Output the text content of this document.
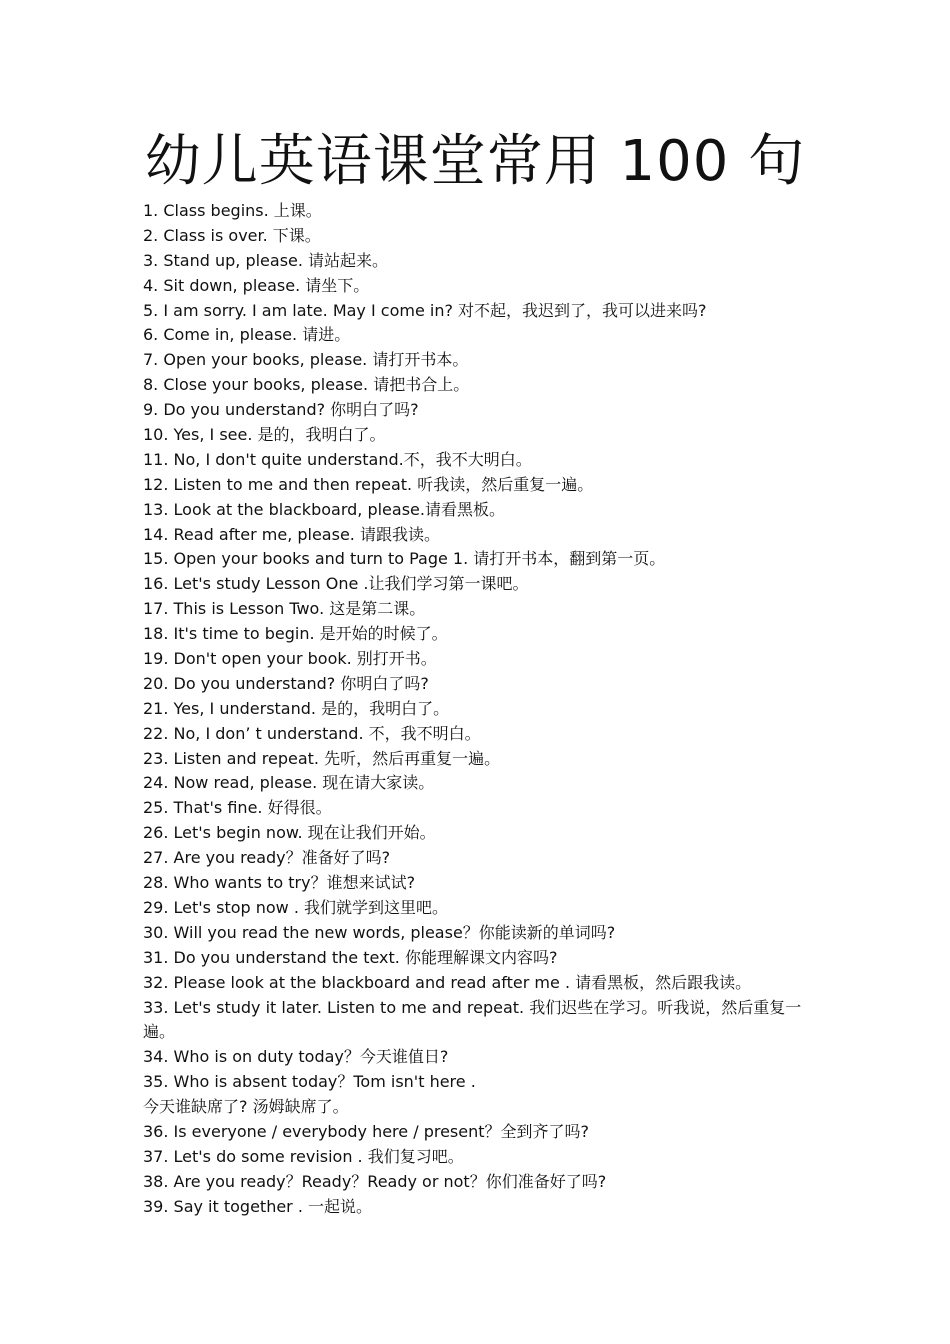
幼儿英语课堂常用 100 句
1. Class begins. 上课。
2. Class is over. 下课。
3. Stand up, please. 请站起来。
4. Sit down, please. 请坐下。
5. I am sorry. I am late. May I come in? 对不起，我迟到了，我可以进来吗?
6. Come in, please. 请进。
7. Open your books, please. 请打开书本。
8. Close your books, please. 请把书合上。
9. Do you understand? 你明白了吗?
10. Yes, I see. 是的，我明白了。
11. No, I don't quite understand.不，我不大明白。
12. Listen to me and then repeat. 听我读，然后重复一遍。
13. Look at the blackboard, please.请看黑板。
14. Read after me, please. 请跟我读。
15. Open your books and turn to Page 1. 请打开书本，翻到第一页。
16. Let's study Lesson One .让我们学习第一课吧。
17. This is Lesson Two. 这是第二课。
18. It's time to begin. 是开始的时候了。
19. Don't open your book. 别打开书。
20. Do you understand? 你明白了吗?
21. Yes, I understand. 是的，我明白了。
22. No, I don’ t understand. 不，我不明白。
23. Listen and repeat. 先听，然后再重复一遍。
24. Now read, please. 现在请大家读。
25. That's fine. 好得很。
26. Let's begin now. 现在让我们开始。
27. Are you ready？准备好了吗?
28. Who wants to try？谁想来试试?
29. Let's stop now . 我们就学到这里吧。
30. Will you read the new words, please？你能读新的单词吗?
31. Do you understand the text. 你能理解课文内容吗?
32. Please look at the blackboard and read after me . 请看黑板，然后跟我读。
33. Let's study it later. Listen to me and repeat. 我们迟些在学习。听我说，然后重复一
遍。
34. Who is on duty today？今天谁值日?
35. Who is absent today？Tom isn't here .
今天谁缺席了? 汤姆缺席了。
36. Is everyone / everybody here / present？全到齐了吗?
37. Let's do some revision . 我们复习吧。
38. Are you ready？Ready？Ready or not？你们准备好了吗?
39. Say it together . 一起说。
